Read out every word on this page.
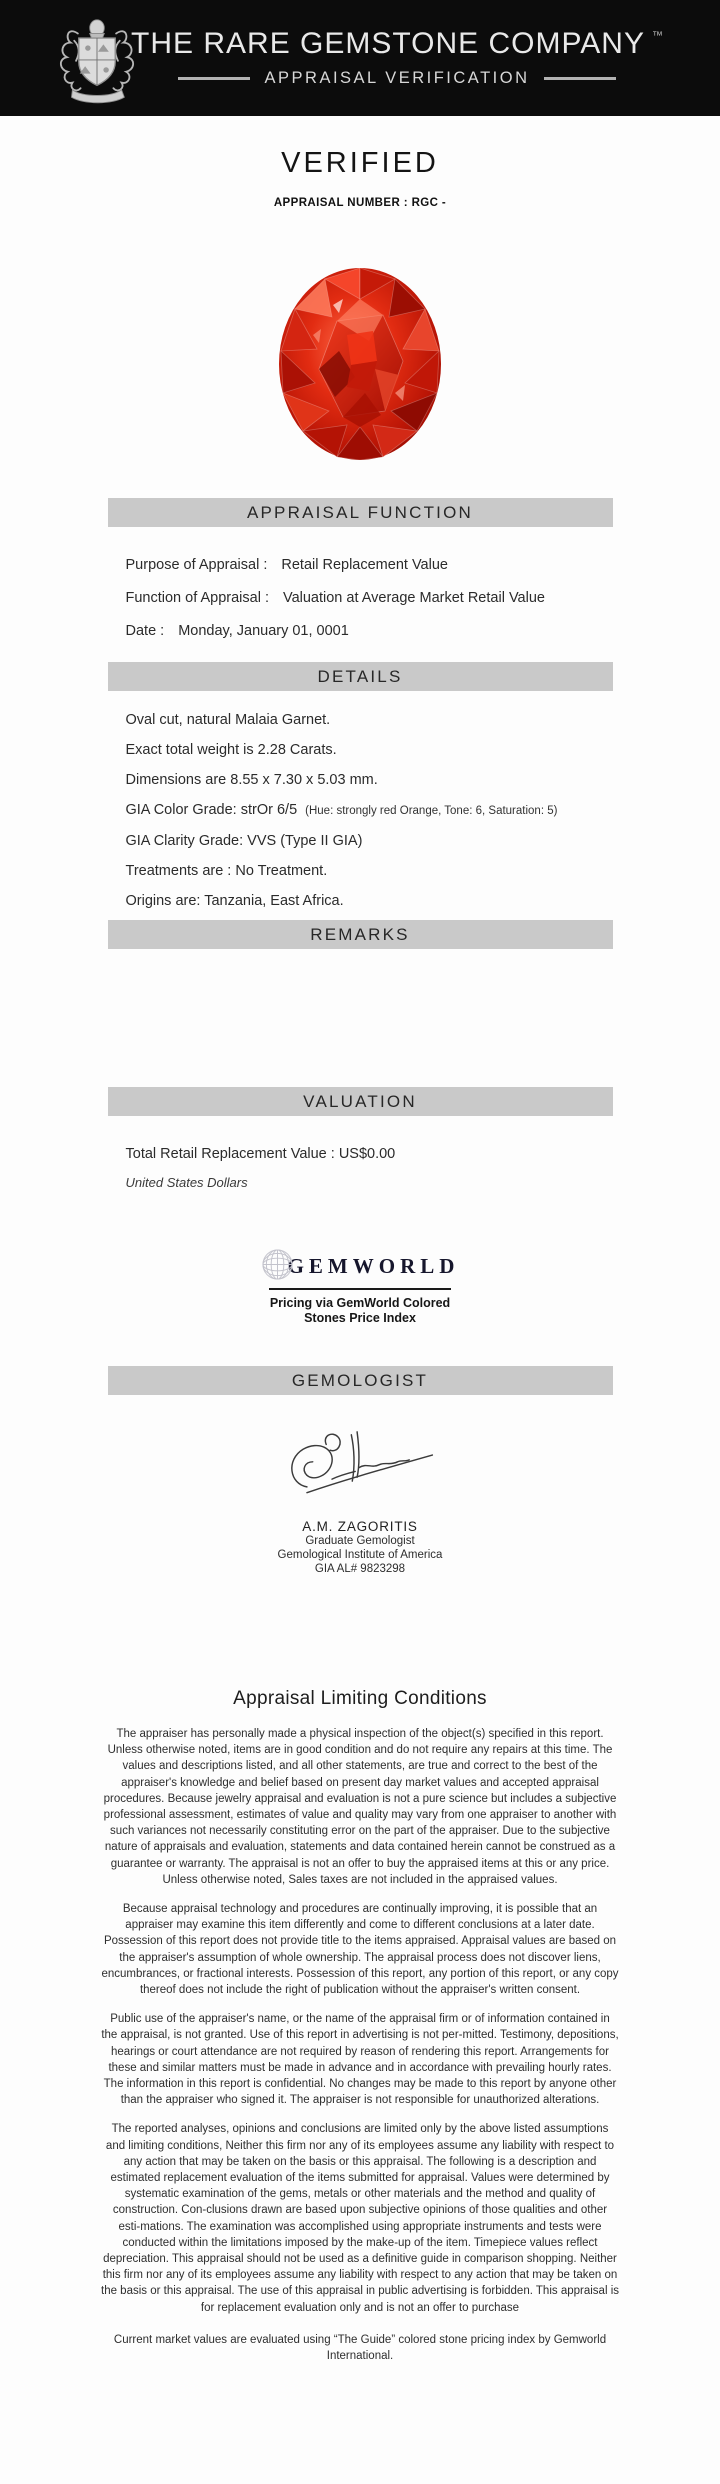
THE RARE GEMSTONE COMPANY ™
APPRAISAL VERIFICATION
VERIFIED
APPRAISAL NUMBER : RGC -
APPRAISAL FUNCTION
Purpose of Appraisal : Retail Replacement Value
Function of Appraisal : Valuation at Average Market Retail Value
Date : Monday, January 01, 0001
DETAILS
Oval cut, natural Malaia Garnet.
Exact total weight is 2.28 Carats.
Dimensions are 8.55 x 7.30 x 5.03 mm.
GIA Color Grade: strOr 6/5 (Hue: strongly red Orange, Tone: 6, Saturation: 5)
GIA Clarity Grade: VVS (Type II GIA)
Treatments are : No Treatment.
Origins are: Tanzania, East Africa.
REMARKS
VALUATION
Total Retail Replacement Value : US$0.00
United States Dollars
GEMWORLD
Pricing via GemWorld Colored
Stones Price Index
GEMOLOGIST
A.M. ZAGORITIS
Graduate Gemologist
Gemological Institute of America
GIA AL# 9823298
Appraisal Limiting Conditions

The appraiser has personally made a physical inspection of the object(s) specified in this report. Unless otherwise noted, items are in good condition and do not require any repairs at this time. The values and descriptions listed, and all other statements, are true and correct to the best of the appraiser's knowledge and belief based on present day market values and accepted appraisal procedures. Because jewelry appraisal and evaluation is not a pure science but includes a subjective professional assessment, estimates of value and quality may vary from one appraiser to another with such variances not necessarily constituting error on the part of the appraiser. Due to the subjective nature of appraisals and evaluation, statements and data contained herein cannot be construed as a guarantee or warranty. The appraisal is not an offer to buy the appraised items at this or any price. Unless otherwise noted, Sales taxes are not included in the appraised values.

Because appraisal technology and procedures are continually improving, it is possible that an appraiser may examine this item differently and come to different conclusions at a later date. Possession of this report does not provide title to the items appraised. Appraisal values are based on the appraiser's assumption of whole ownership. The appraisal process does not discover liens, encumbrances, or fractional interests. Possession of this report, any portion of this report, or any copy thereof does not include the right of publication without the appraiser's written consent.

Public use of the appraiser's name, or the name of the appraisal firm or of information contained in the appraisal, is not granted. Use of this report in advertising is not per-mitted. Testimony, depositions, hearings or court attendance are not required by reason of rendering this report. Arrangements for these and similar matters must be made in advance and in accordance with prevailing hourly rates. The information in this report is confidential. No changes may be made to this report by anyone other than the appraiser who signed it. The appraiser is not responsible for unauthorized alterations.

The reported analyses, opinions and conclusions are limited only by the above listed assumptions and limiting conditions, Neither this firm nor any of its employees assume any liability with respect to any action that may be taken on the basis or this appraisal. The following is a description and estimated replacement evaluation of the items submitted for appraisal. Values were determined by systematic examination of the gems, metals or other materials and the method and quality of construction. Con-clusions drawn are based upon subjective opinions of those qualities and other esti-mations. The examination was accomplished using appropriate instruments and tests were conducted within the limitations imposed by the make-up of the item. Timepiece values reflect depreciation. This appraisal should not be used as a definitive guide in comparison shopping. Neither this firm nor any of its employees assume any liability with respect to any action that may be taken on the basis or this appraisal. The use of this appraisal in public advertising is forbidden. This appraisal is for replacement evaluation only and is not an offer to purchase

Current market values are evaluated using “The Guide” colored stone pricing index by Gemworld International.
